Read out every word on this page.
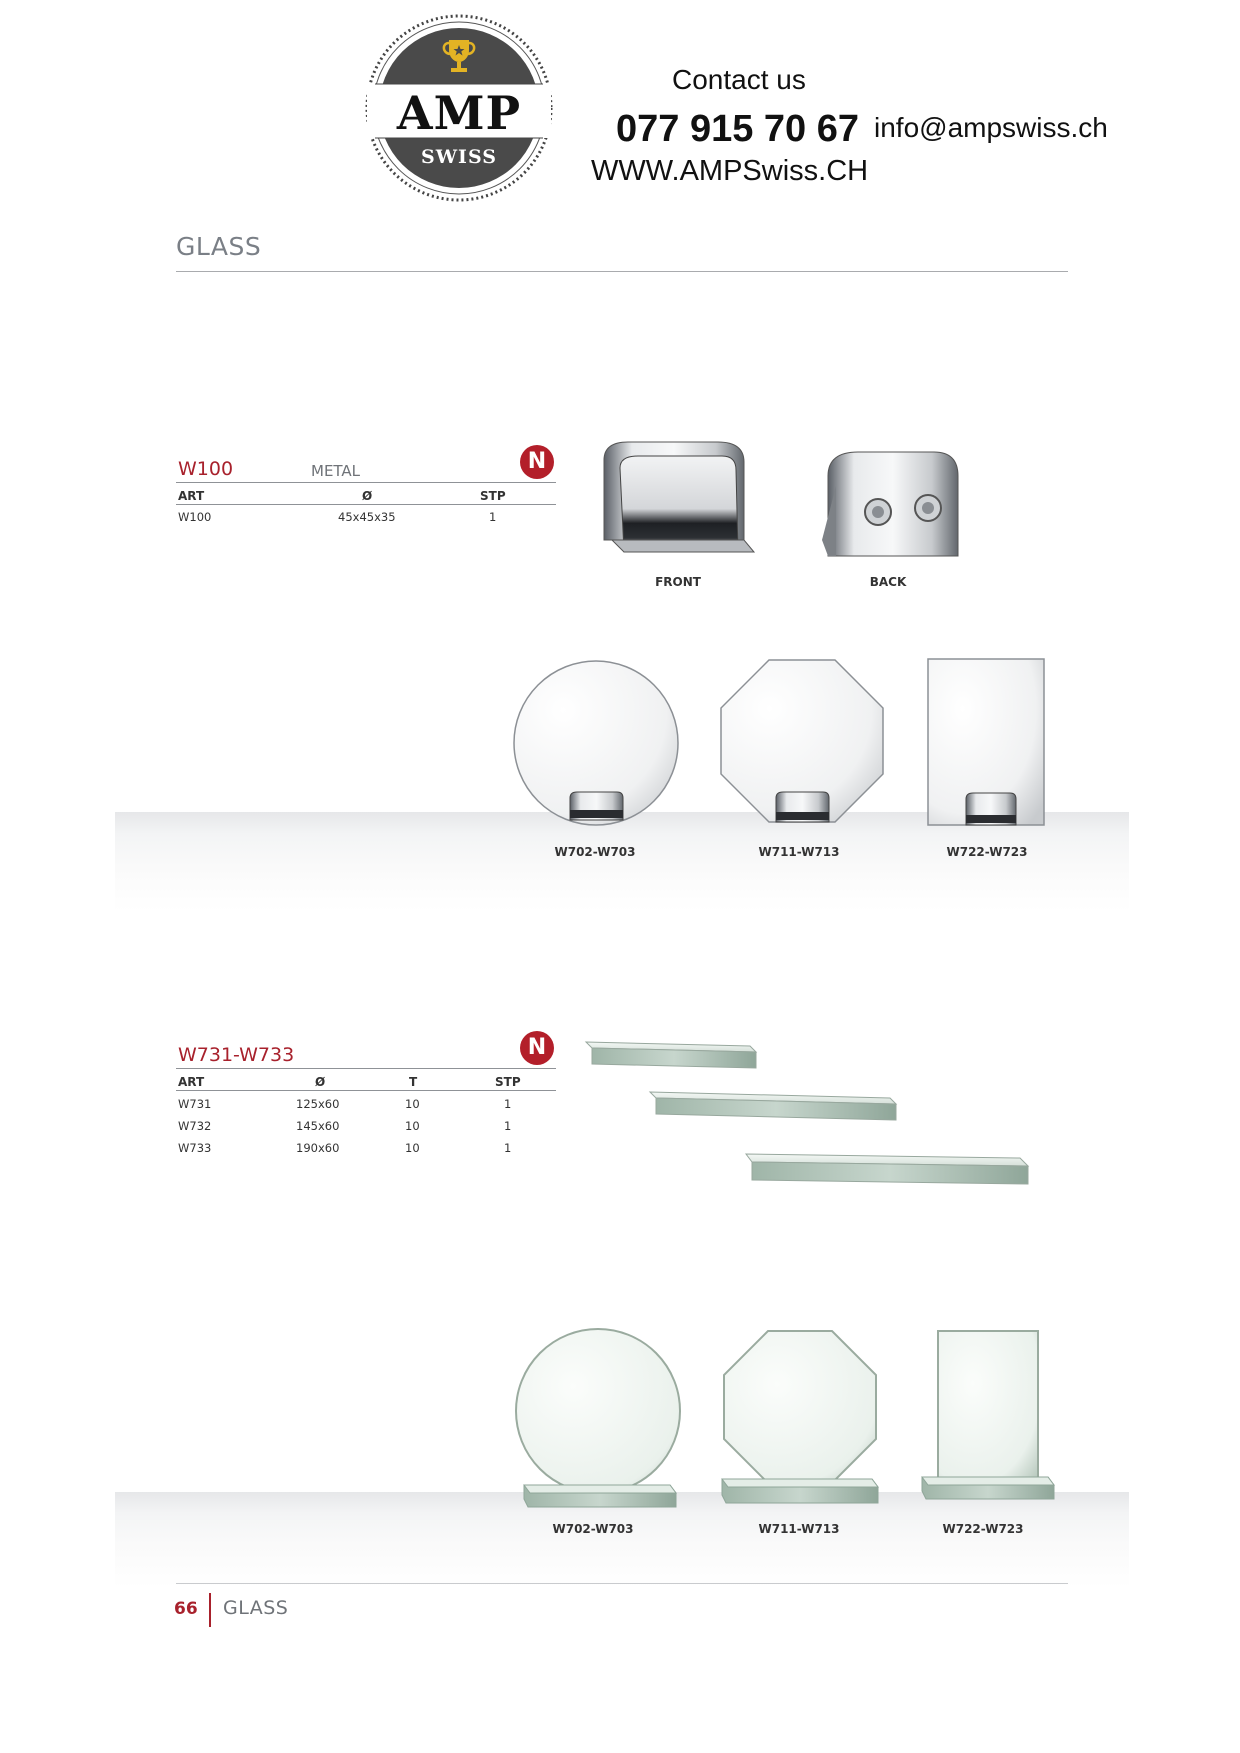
AMP
SWISS
Contact us
077 915 70 67 info@ampswiss.ch
WWW.AMPSwiss.CH
GLASS
W100	METAL	N
ART	Ø	STP
W100	45x45x35	1
FRONT	BACK
W702-W703	W711-W713	W722-W723
W731-W733	N
ART	Ø	T	STP
W731	125x60	10	1
W732	145x60	10	1
W733	190x60	10	1
W702-W703	W711-W713	W722-W723
66 GLASS
